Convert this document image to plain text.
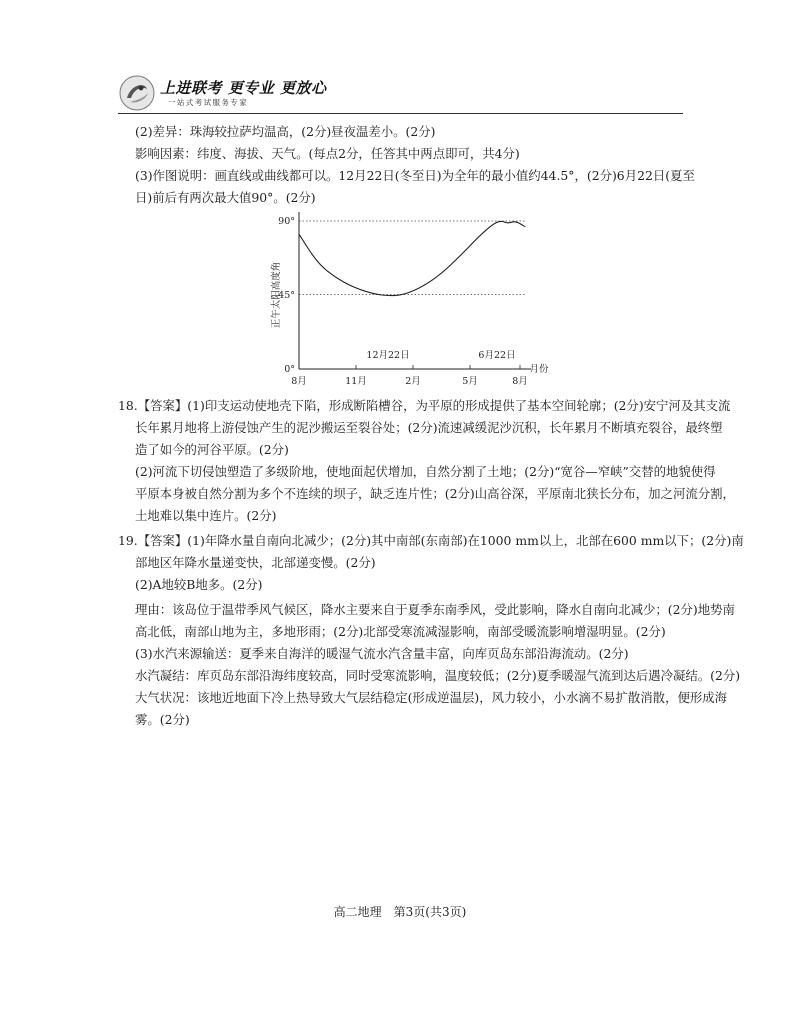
上进联考 更专业 更放心
一站式考试服务专家
(2)差异：珠海较拉萨均温高，(2分)昼夜温差小。(2分)
影响因素：纬度、海拔、天气。(每点2分，任答其中两点即可，共4分)
(3)作图说明：画直线或曲线都可以。12月22日(冬至日)为全年的最小值约44.5°，(2分)6月22日(夏至
日)前后有两次最大值90°。(2分)
90°
45°
0°
正午太阳高度角
8月	11月	2月	5月	8月
月份
12月22日	6月22日
18.【答案】(1)印支运动使地壳下陷，形成断陷槽谷，为平原的形成提供了基本空间轮廓；(2分)安宁河及其支流
长年累月地将上游侵蚀产生的泥沙搬运至裂谷处；(2分)流速减缓泥沙沉积，长年累月不断填充裂谷，最终塑
造了如今的河谷平原。(2分)
(2)河流下切侵蚀塑造了多级阶地，使地面起伏增加，自然分割了土地；(2分)“宽谷—窄峡”交替的地貌使得
平原本身被自然分割为多个不连续的坝子，缺乏连片性；(2分)山高谷深，平原南北狭长分布，加之河流分割，
土地难以集中连片。(2分)
19.【答案】(1)年降水量自南向北减少；(2分)其中南部(东南部)在1000 mm以上，北部在600 mm以下；(2分)南
部地区年降水量递变快，北部递变慢。(2分)
(2)A地较B地多。(2分)
理由：该岛位于温带季风气候区，降水主要来自于夏季东南季风，受此影响，降水自南向北减少；(2分)地势南
高北低，南部山地为主，多地形雨；(2分)北部受寒流减湿影响，南部受暖流影响增湿明显。(2分)
(3)水汽来源输送：夏季来自海洋的暖湿气流水汽含量丰富，向库页岛东部沿海流动。(2分)
水汽凝结：库页岛东部沿海纬度较高，同时受寒流影响，温度较低；(2分)夏季暖湿气流到达后遇冷凝结。(2分)
大气状况：该地近地面下冷上热导致大气层结稳定(形成逆温层)，风力较小，小水滴不易扩散消散，便形成海
雾。(2分)
高二地理　第3页(共3页)
